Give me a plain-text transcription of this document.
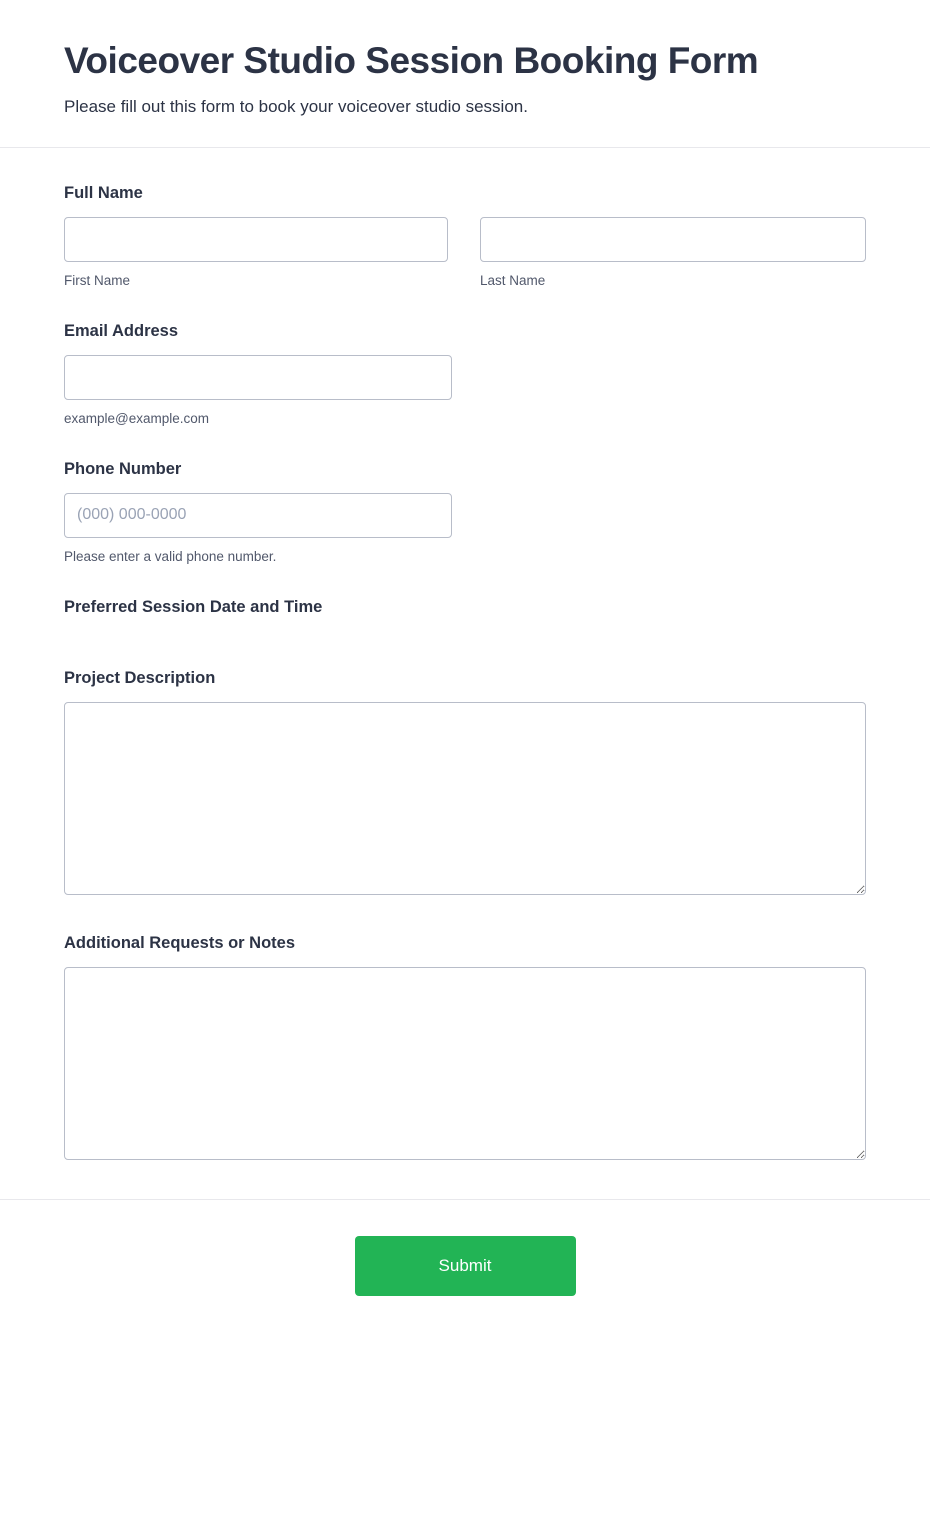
Voiceover Studio Session Booking Form

Please fill out this form to book your voiceover studio session.

Full Name
First Name	Last Name
Email Address
example@example.com
Phone Number
(000) 000-0000
Please enter a valid phone number.
Preferred Session Date and Time
Project Description
Additional Requests or Notes
Submit
